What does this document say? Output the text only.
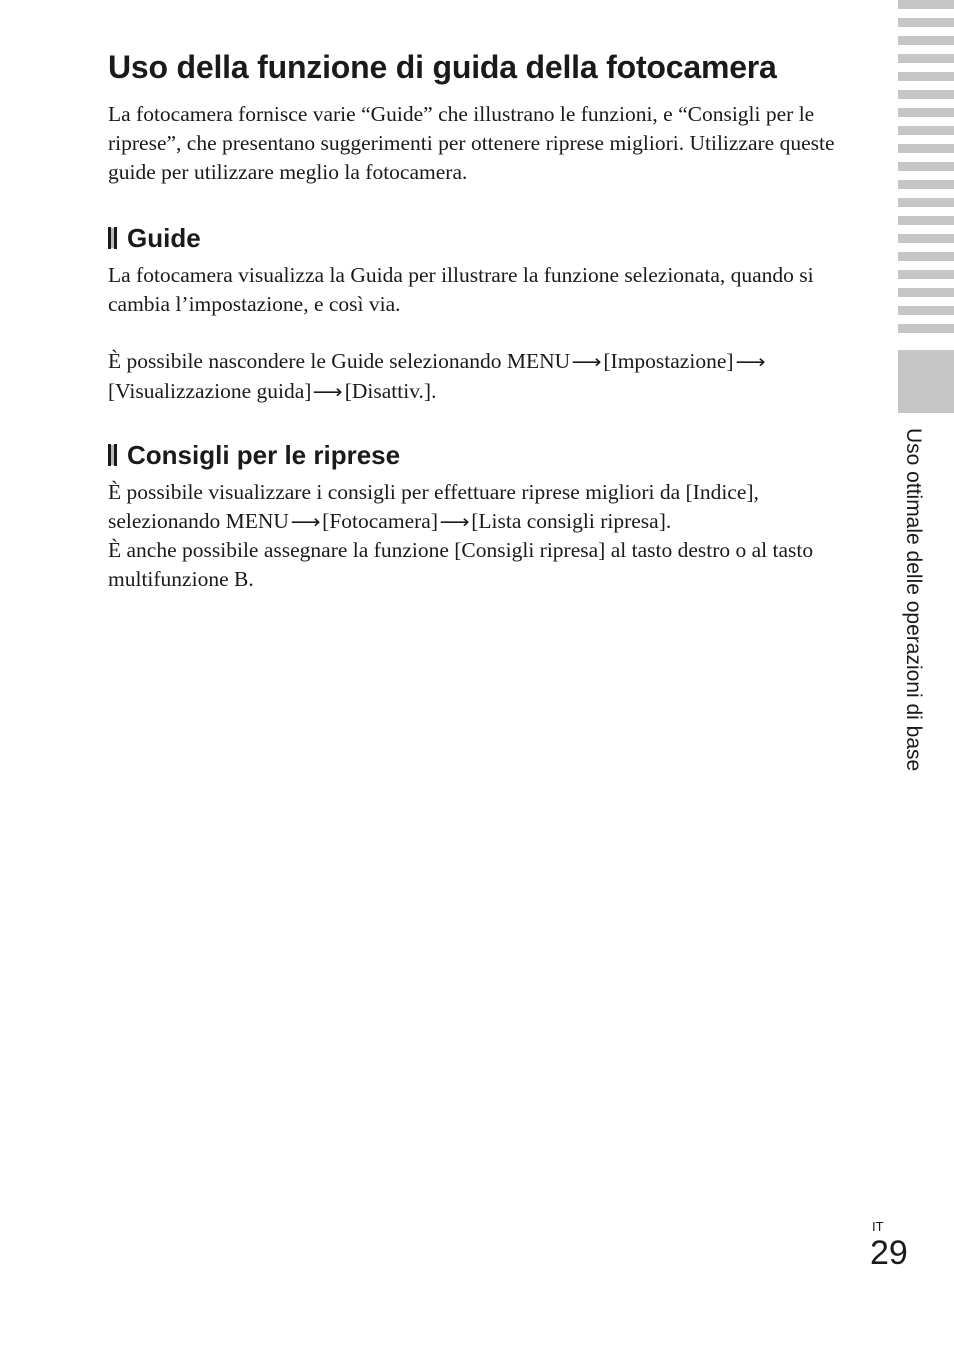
Uso della funzione di guida della fotocamera

La fotocamera fornisce varie “Guide” che illustrano le funzioni, e “Consigli per le riprese”, che presentano suggerimenti per ottenere riprese migliori. Utilizzare queste guide per utilizzare meglio la fotocamera.

Guide

La fotocamera visualizza la Guida per illustrare la funzione selezionata, quando si cambia l’impostazione, e così via.

È possibile nascondere le Guide selezionando MENU⟶[Impostazione]⟶
[Visualizzazione guida]⟶[Disattiv.].

Consigli per le riprese

È possibile visualizzare i consigli per effettuare riprese migliori da [Indice], selezionando MENU⟶[Fotocamera]⟶[Lista consigli ripresa].

È anche possibile assegnare la funzione [Consigli ripresa] al tasto destro o al tasto multifunzione B.	Uso ottimale delle operazioni di base
IT
29
